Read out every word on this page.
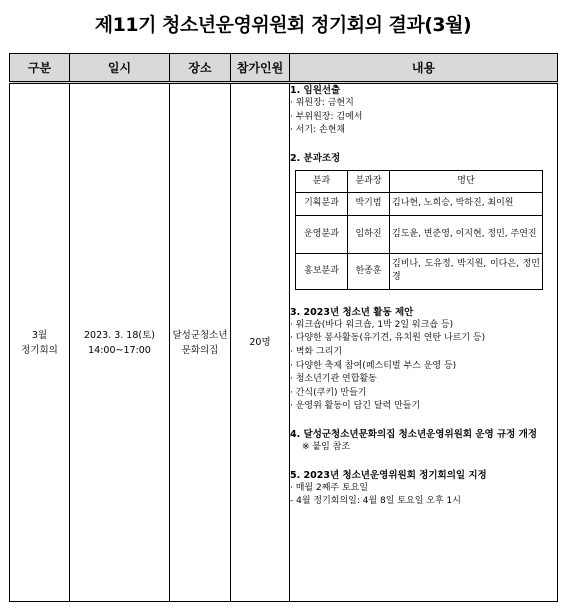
제11기 청소년운영위원회 정기회의 결과(3월)
구분	일시	장소	참가인원	내용

3월
정기회의

2023. 3. 18(토)
14:00~17:00

달성군청소년
문화의집

20명

1. 임원선출
· 위원장: 금현지
· 부위원장: 김예서
· 서기: 손현채
2. 분과조정
분과	분과장	명단
기획분과	박기범	김나현, 노희승, 박하진, 최이원
운영분과	임하진	김도윤, 변준영, 이지현, 정민, 주연진
홍보분과	한종훈	김비나, 도유정, 박지원, 이다은, 정민경
3. 2023년 청소년 활동 제안
· 워크숍(바다 워크숍, 1박 2일 워크숍 등)
· 다양한 봉사활동(유기견, 유치원 연탄 나르기 등)
· 벽화 그리기
· 다양한 축제 참여(페스티벌 부스 운영 등)
· 청소년기관 연합활동
· 간식(쿠키) 만들기
· 운영위 활동이 담긴 달력 만들기
4. 달성군청소년문화의집 청소년운영위원회 운영 규정 개정
※ 붙임 참조
5. 2023년 청소년운영위원회 정기회의일 지정
· 매월 2째주 토요일
- 4월 정기회의일: 4월 8일 토요일 오후 1시
